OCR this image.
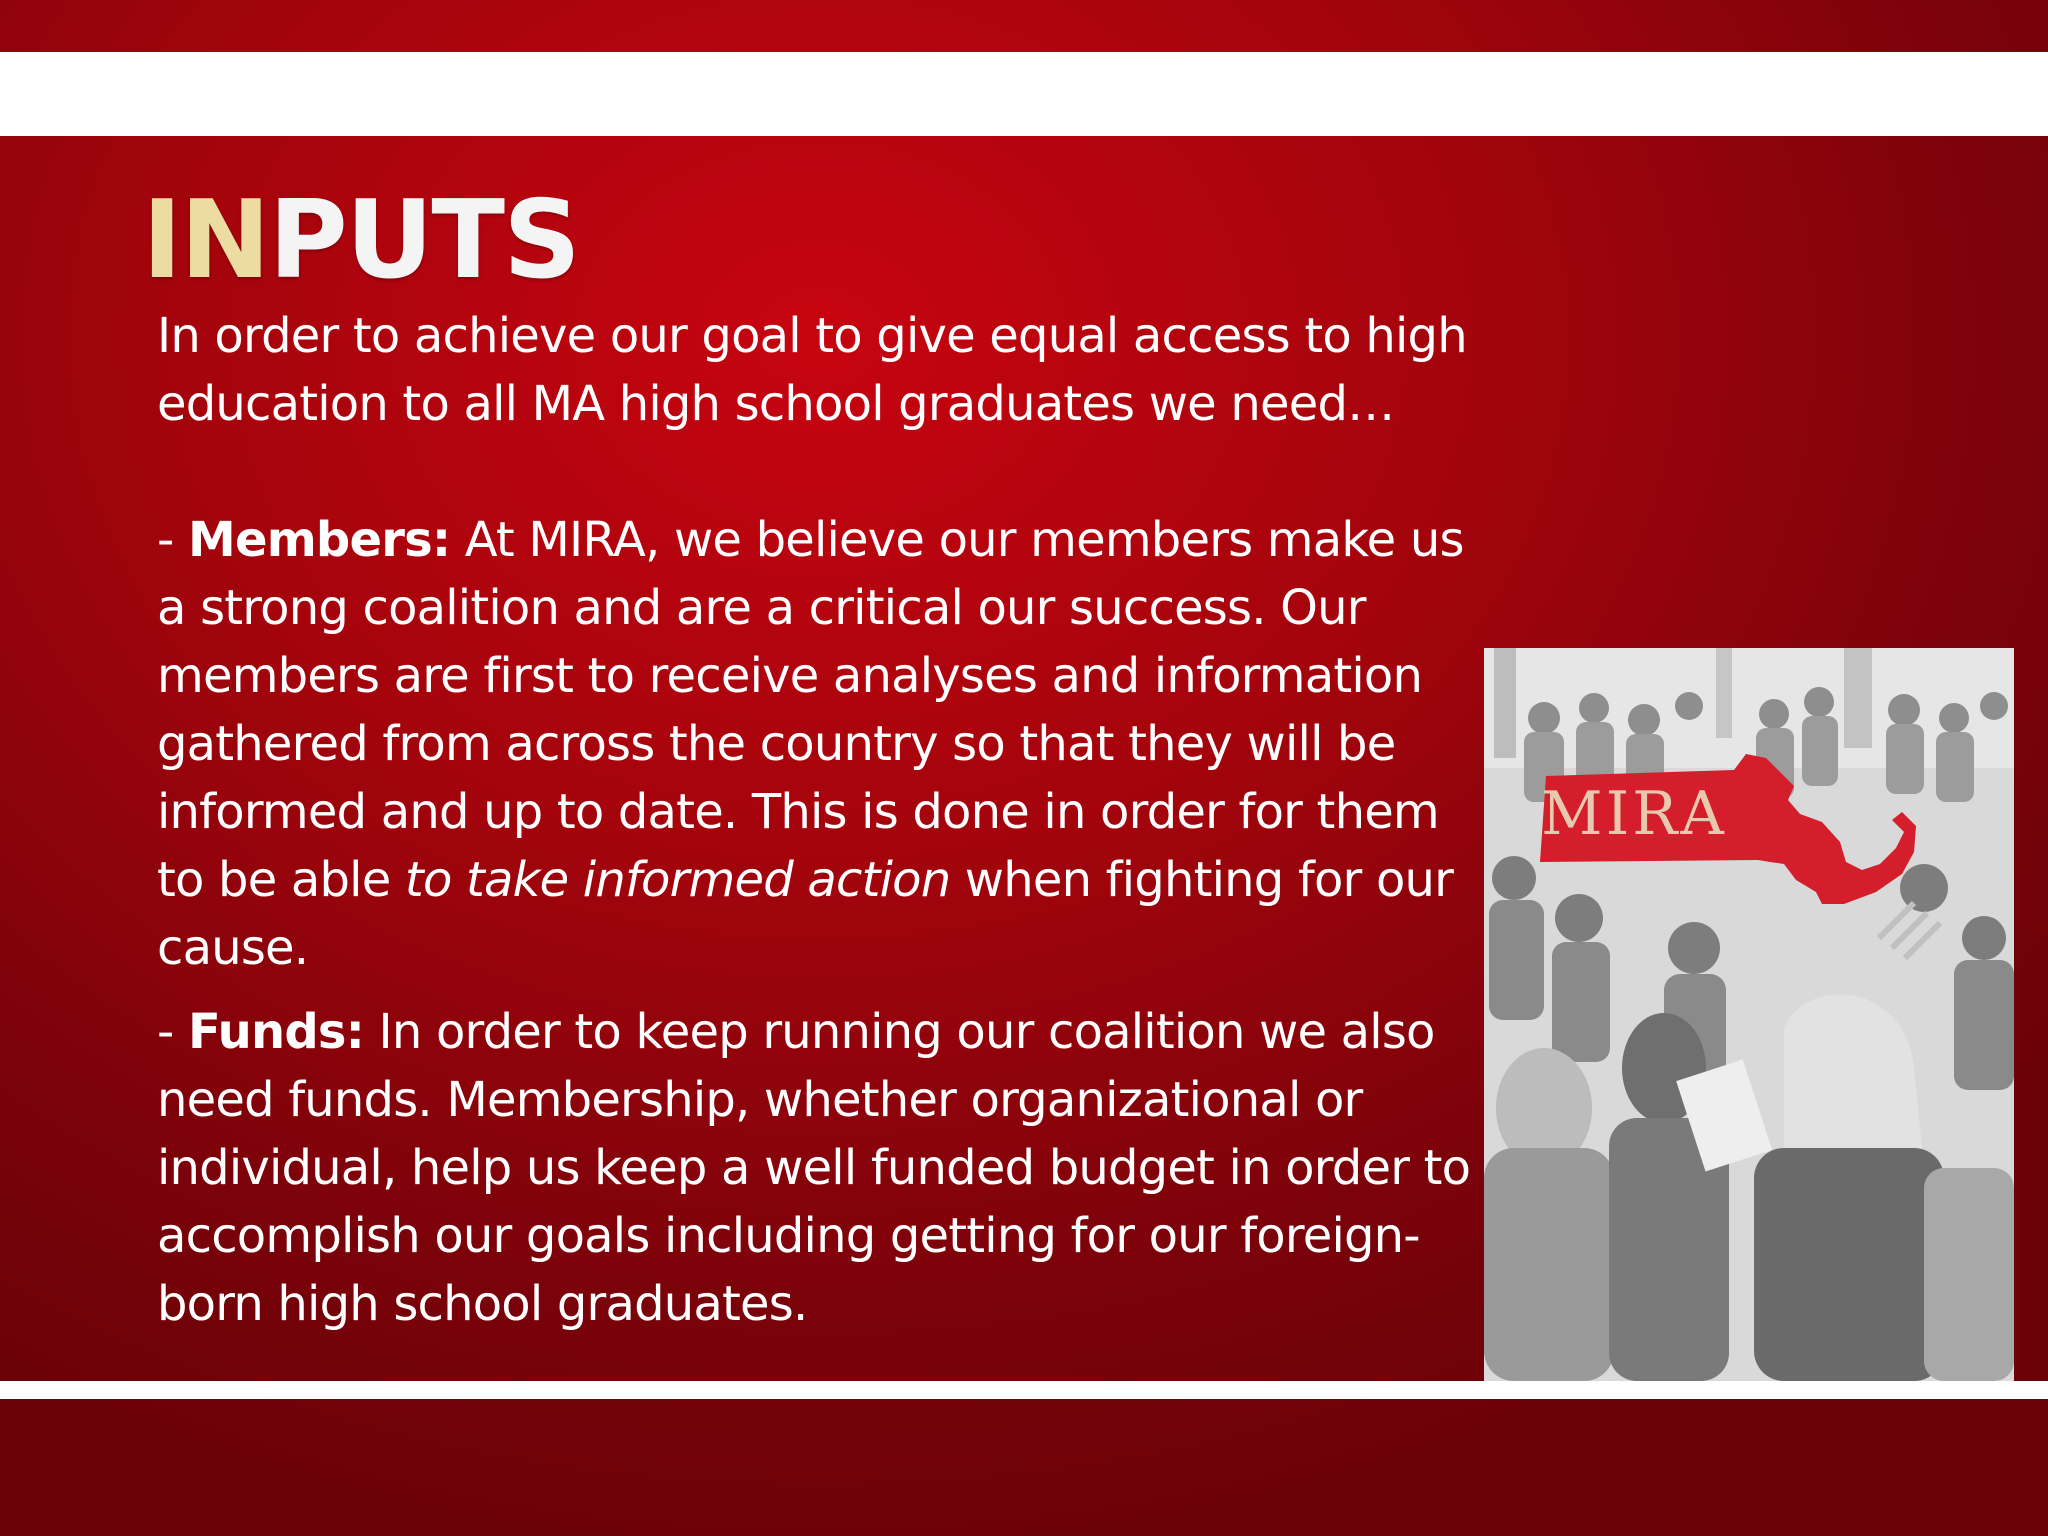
INPUTS

In order to achieve our goal to give equal access to high education to all MA high school graduates we need…

- Members: At MIRA, we believe our members make us a strong coalition and are a critical our success. Our members are first to receive analyses and information gathered from across the country so that they will be informed and up to date. This is done in order for them to be able to take informed action when fighting for our cause.

- Funds: In order to keep running our coalition we also need funds. Membership, whether organizational or individual, help us keep a well funded budget in order to accomplish our goals including getting for our foreign-born high school graduates.

MIRA
